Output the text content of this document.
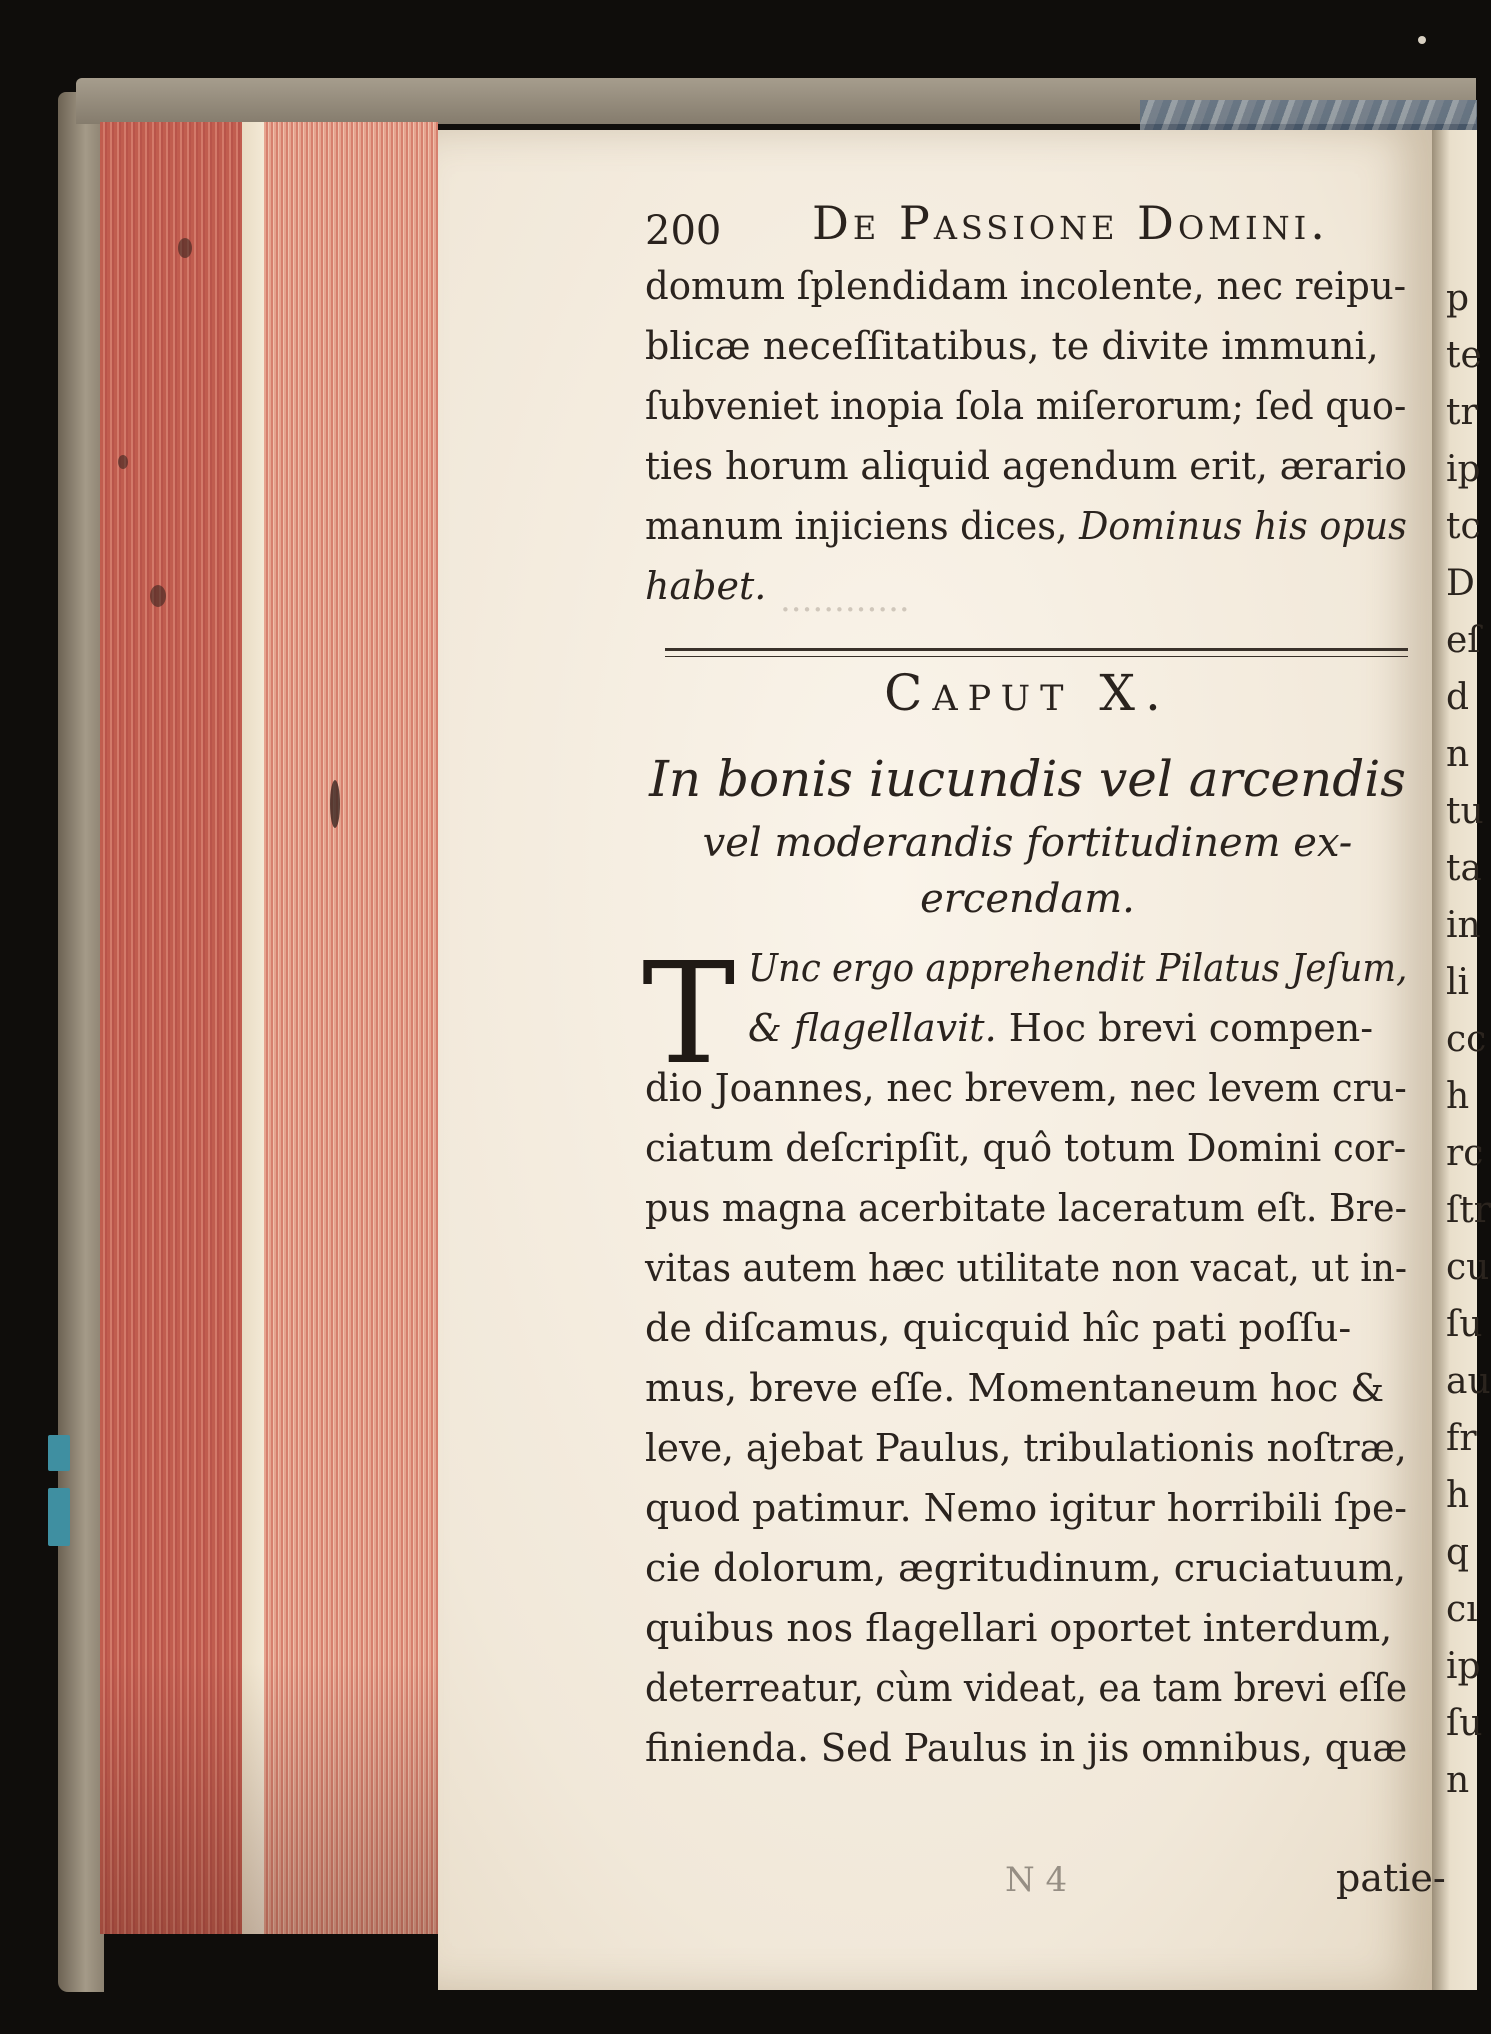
p
te
tr
ip
tc
D
eſ
d
n
tu
ta
in
li
cc
h
rc
ſtr
cu
ſu
au
fr
h
q
cı
ip
ſu
n
............
200 De Passione Domini.
domum ſplendidam incolente, nec reipu-
blicæ neceſſitatibus, te divite immuni,
ſubveniet inopia ſola miſerorum; ſed quo-
ties horum aliquid agendum erit, ærario
manum injiciens dices, Dominus his opus
habet.
Caput X.
In bonis iucundis vel arcendis
vel moderandis fortitudinem ex-
ercendam.
T Unc ergo apprehendit Pilatus Jeſum,
& flagellavit. Hoc brevi compen-
dio Joannes, nec brevem, nec levem cru-
ciatum deſcripſit, quô totum Domini cor-
pus magna acerbitate laceratum eſt. Bre-
vitas autem hæc utilitate non vacat, ut in-
de diſcamus, quicquid hîc pati poſſu-
mus, breve eſſe. Momentaneum hoc &
leve, ajebat Paulus, tribulationis noſtræ,
quod patimur. Nemo igitur horribili ſpe-
cie dolorum, ægritudinum, cruciatuum,
quibus nos flagellari oportet interdum,
deterreatur, cùm videat, ea tam brevi eſſe
finienda. Sed Paulus in jis omnibus, quæ
N 4	patie-
